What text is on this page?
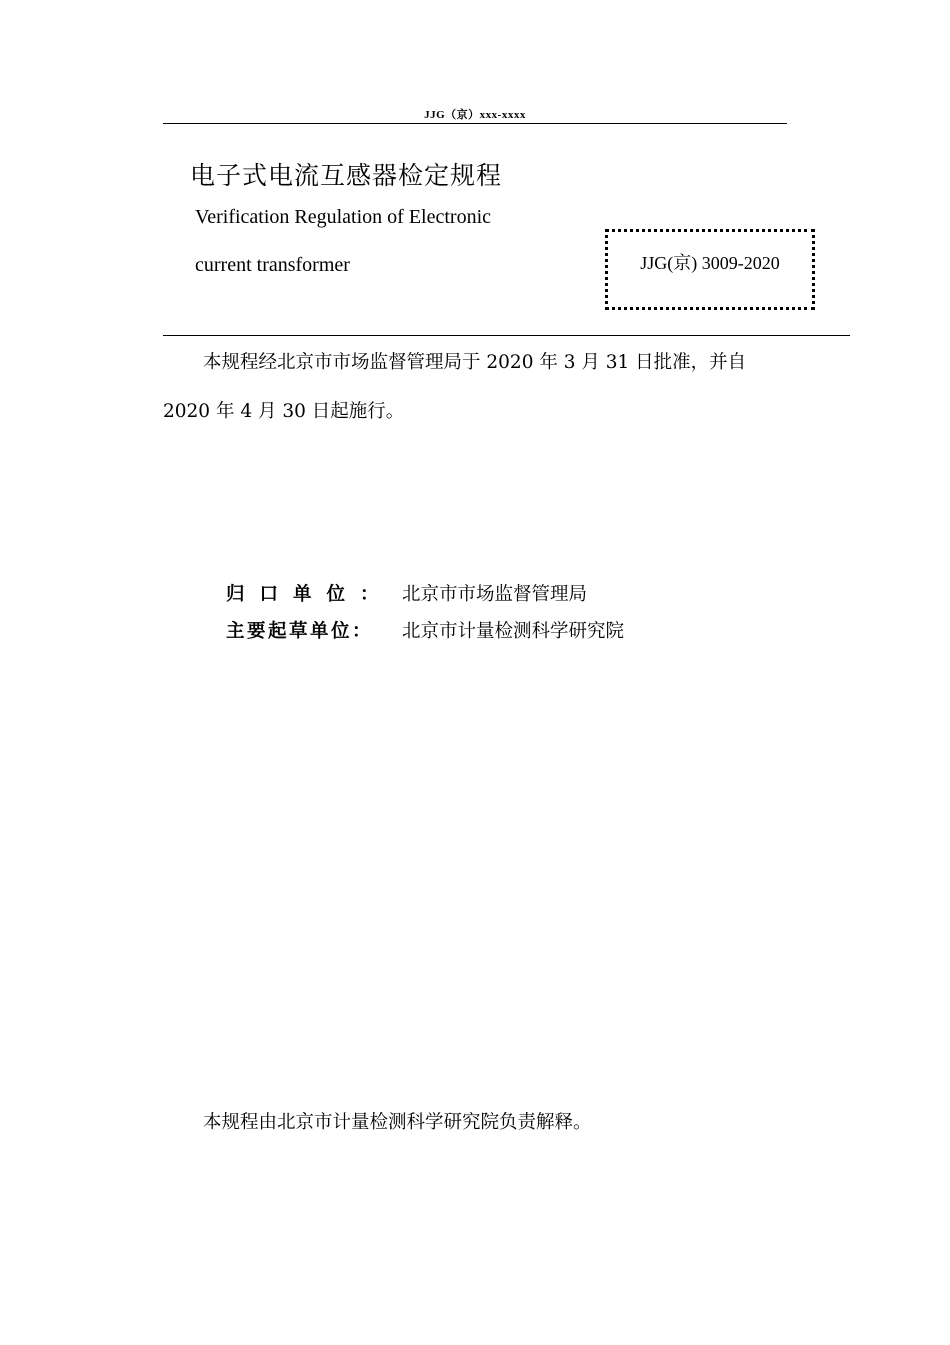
JJG（京）xxx-xxxx
电子式电流互感器检定规程
Verification Regulation of Electronic
current transformer	JJG(京) 3009-2020
本规程经北京市市场监督管理局于 2020 年 3 月 31 日批准，并自
2020 年 4 月 30 日起施行。
归口单位： 北京市市场监督管理局
主要起草单位：	北京市计量检测科学研究院
本规程由北京市计量检测科学研究院负责解释。
